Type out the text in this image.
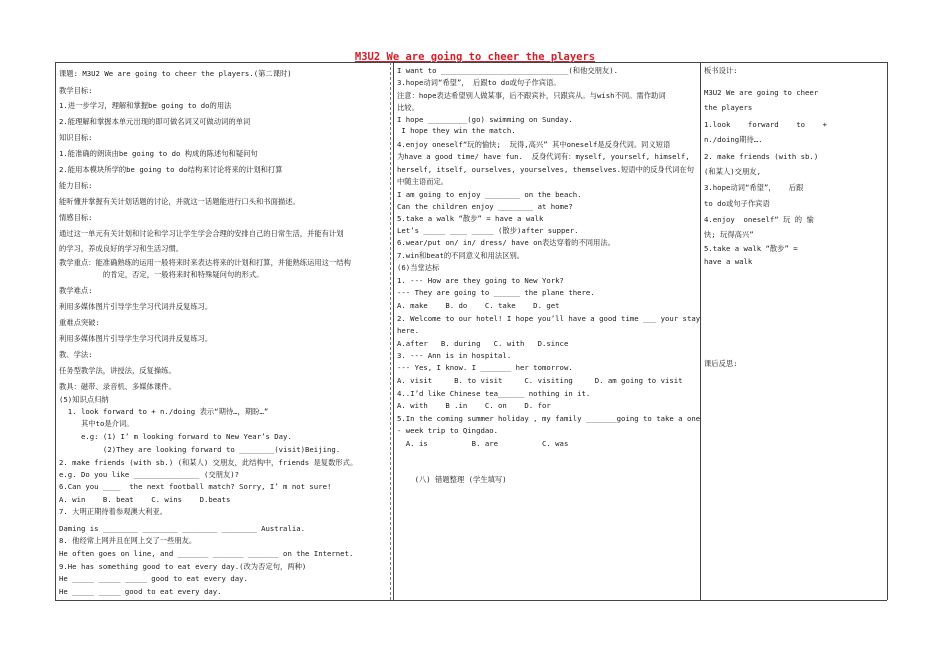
M3U2 We are going to cheer the players
课题: M3U2 We are going to cheer the players.(第二课时)
教学目标:
1.进一步学习，理解和掌握be going to do的用法
2.能理解和掌握本单元出现的即可做名词又可做动词的单词
知识目标:
1.能准确的朗读由be going to do 构成的陈述句和疑问句
2.能用本模块所学的be going to do结构来讨论将来的计划和打算
能力目标:
能听懂并掌握有关计划话题的讨论，并就这一话题能进行口头和书面描述。
情感目标:
通过这一单元有关计划和讨论和学习让学生学会合理的安排自己的日常生活，并能有计划
的学习，养成良好的学习和生活习惯。
教学重点：能准确熟练的运用一般将来时来表达将来的计划和打算，并能熟练运用这一结构
的肯定，否定，一般将来时和特殊疑问句的形式。
教学难点:
利用多媒体图片引导学生学习代词并反复练习。
重难点突破:
利用多媒体图片引导学生学习代词并反复练习。
教、学法:
任务型教学法，讲授法，反复操练。
教具：磁带、录音机、多媒体课件。
(5)知识点归纳
1. look forward to + n./doing 表示“期待…，期盼…”
其中to是介词。
e.g: (1) I’ m looking forward to New Year’s Day.
(2)They are looking forward to ________(visit)Beijing.
2. make friends (with sb.) (和某人) 交朋友，此结构中，friends 是复数形式。
e.g. Do you like _______________ (交朋友)?
6.Can you ____  the next football match? Sorry, I’ m not sure!
A. win    B. beat    C. wins    D.beats
7. 大明正期待着参观澳大利亚。
Daming is ________ ________ ________ ________ Australia.
8. 他经常上网并且在网上交了一些朋友。
He often goes on line, and _______ _______ _______ on the Internet.
9.He has something good to eat every day.(改为否定句，两种)
He _____ _____ _____ good to eat every day.
He _____ _____ good to eat every day.
I want to _____________________________(和他交朋友).
3.hope动词“希望”， 后跟to do或句子作宾语。
注意：hope表达希望别人做某事，后不跟宾补，只跟宾从。与wish不同。需作助词
比较。
I hope _________(go) swimming on Sunday.
I hope they win the match.
4.enjoy oneself“玩的愉快;  玩得,高兴” 其中oneself是反身代词。同义短语
为have a good time/ have fun.  反身代词有：myself, yourself, himself,
herself, itself, ourselves, yourselves, themselves.短语中的反身代词在句
中随主语而定。
I am going to enjoy ________ on the beach.
Can the children enjoy ________ at home?
5.take a walk “散步” = have a walk
Let’s _____ ____ _____ (散步)after supper.
6.wear/put on/ in/ dress/ have on表达穿着的不同用法。
7.win和beat的不同意义和用法区别。
(6)当堂达标
1. --- How are they going to New York?
--- They are going to ______ the plane there.
A. make    B. do    C. take    D. get
2. Welcome to our hotel! I hope you’ll have a good time ___ your stay
here.
A.after   B. during   C. with   D.since
3. --- Ann is in hospital.
--- Yes, I know. I _______ her tomorrow.
A. visit     B. to visit     C. visiting     D. am going to visit
4..I’d like Chinese tea______ nothing in it.
A. with    B .in    C. on    D. for
5.In the coming summer holiday , my family _______going to take a one
- week trip to Qingdao.
A. is          B. are          C. was
(八) 错题整理 (学生填写)
板书设计:
M3U2 We are going to cheer
the players
1.look    forward    to    +
n./doing期待….
2. make friends (with sb.)
(和某人)交朋友,
3.hope动词“希望”，   后跟
to do或句子作宾语
4.enjoy  oneself“ 玩 的 愉
快; 玩得高兴”
5.take a walk “散步” =
have a walk
课后反思:
